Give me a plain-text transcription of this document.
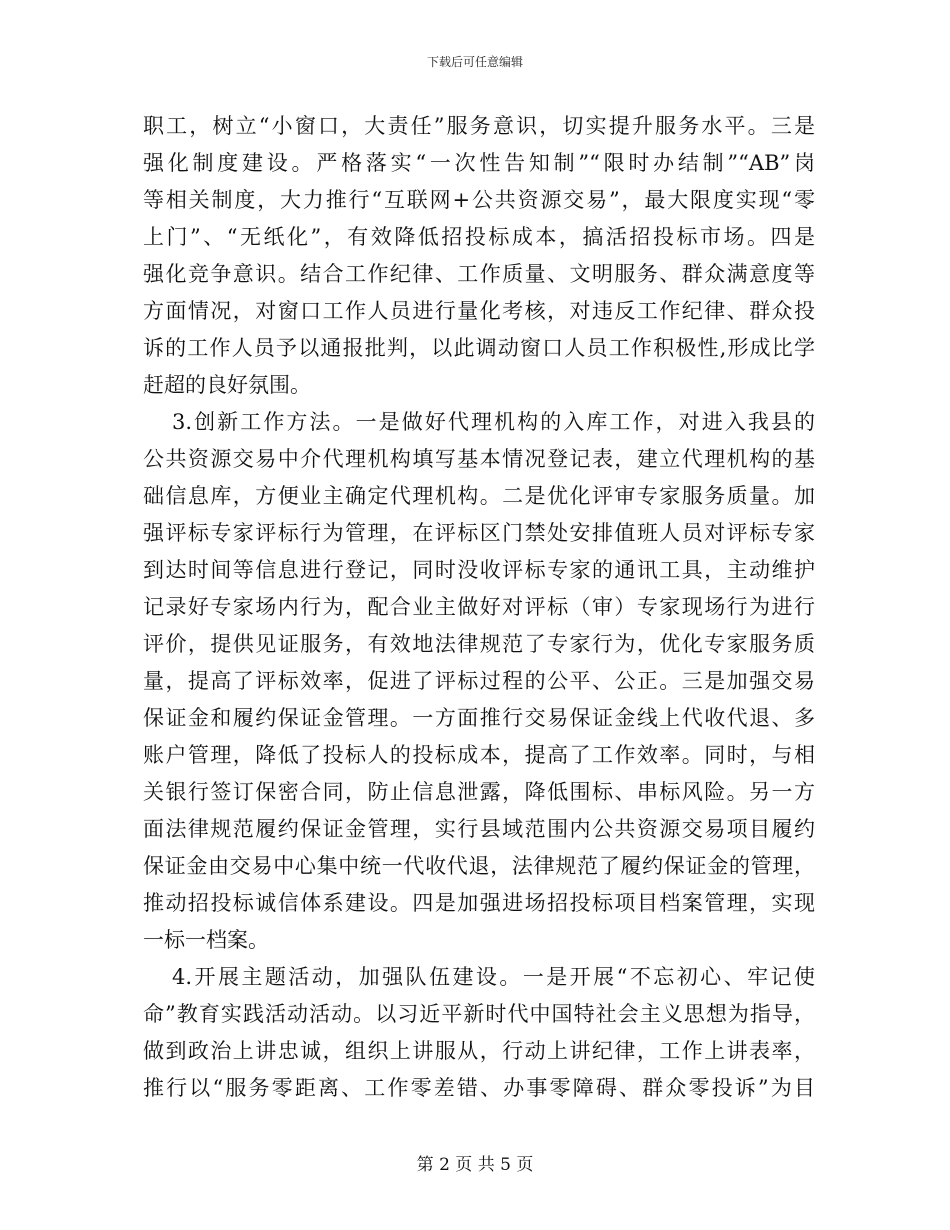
下载后可任意编辑
职工，树立“小窗口，大责任”服务意识，切实提升服务水平。三是
强化制度建设。严格落实“一次性告知制”“限时办结制”“AB”岗
等相关制度，大力推行“互联网+公共资源交易”，最大限度实现“零
上门”、“无纸化”，有效降低招投标成本，搞活招投标市场。四是
强化竞争意识。结合工作纪律、工作质量、文明服务、群众满意度等
方面情况，对窗口工作人员进行量化考核，对违反工作纪律、群众投
诉的工作人员予以通报批判，以此调动窗口人员工作积极性,形成比学
赶超的良好氛围。
3.创新工作方法。一是做好代理机构的入库工作，对进入我县的
公共资源交易中介代理机构填写基本情况登记表，建立代理机构的基
础信息库，方便业主确定代理机构。二是优化评审专家服务质量。加
强评标专家评标行为管理，在评标区门禁处安排值班人员对评标专家
到达时间等信息进行登记，同时没收评标专家的通讯工具，主动维护
记录好专家场内行为，配合业主做好对评标（审）专家现场行为进行
评价，提供见证服务，有效地法律规范了专家行为，优化专家服务质
量，提高了评标效率，促进了评标过程的公平、公正。三是加强交易
保证金和履约保证金管理。一方面推行交易保证金线上代收代退、多
账户管理，降低了投标人的投标成本，提高了工作效率。同时，与相
关银行签订保密合同，防止信息泄露，降低围标、串标风险。另一方
面法律规范履约保证金管理，实行县域范围内公共资源交易项目履约
保证金由交易中心集中统一代收代退，法律规范了履约保证金的管理，
推动招投标诚信体系建设。四是加强进场招投标项目档案管理，实现
一标一档案。
4.开展主题活动，加强队伍建设。一是开展“不忘初心、牢记使
命”教育实践活动活动。以习近平新时代中国特社会主义思想为指导，
做到政治上讲忠诚，组织上讲服从，行动上讲纪律，工作上讲表率，
推行以“服务零距离、工作零差错、办事零障碍、群众零投诉”为目
第 2 页 共 5 页
